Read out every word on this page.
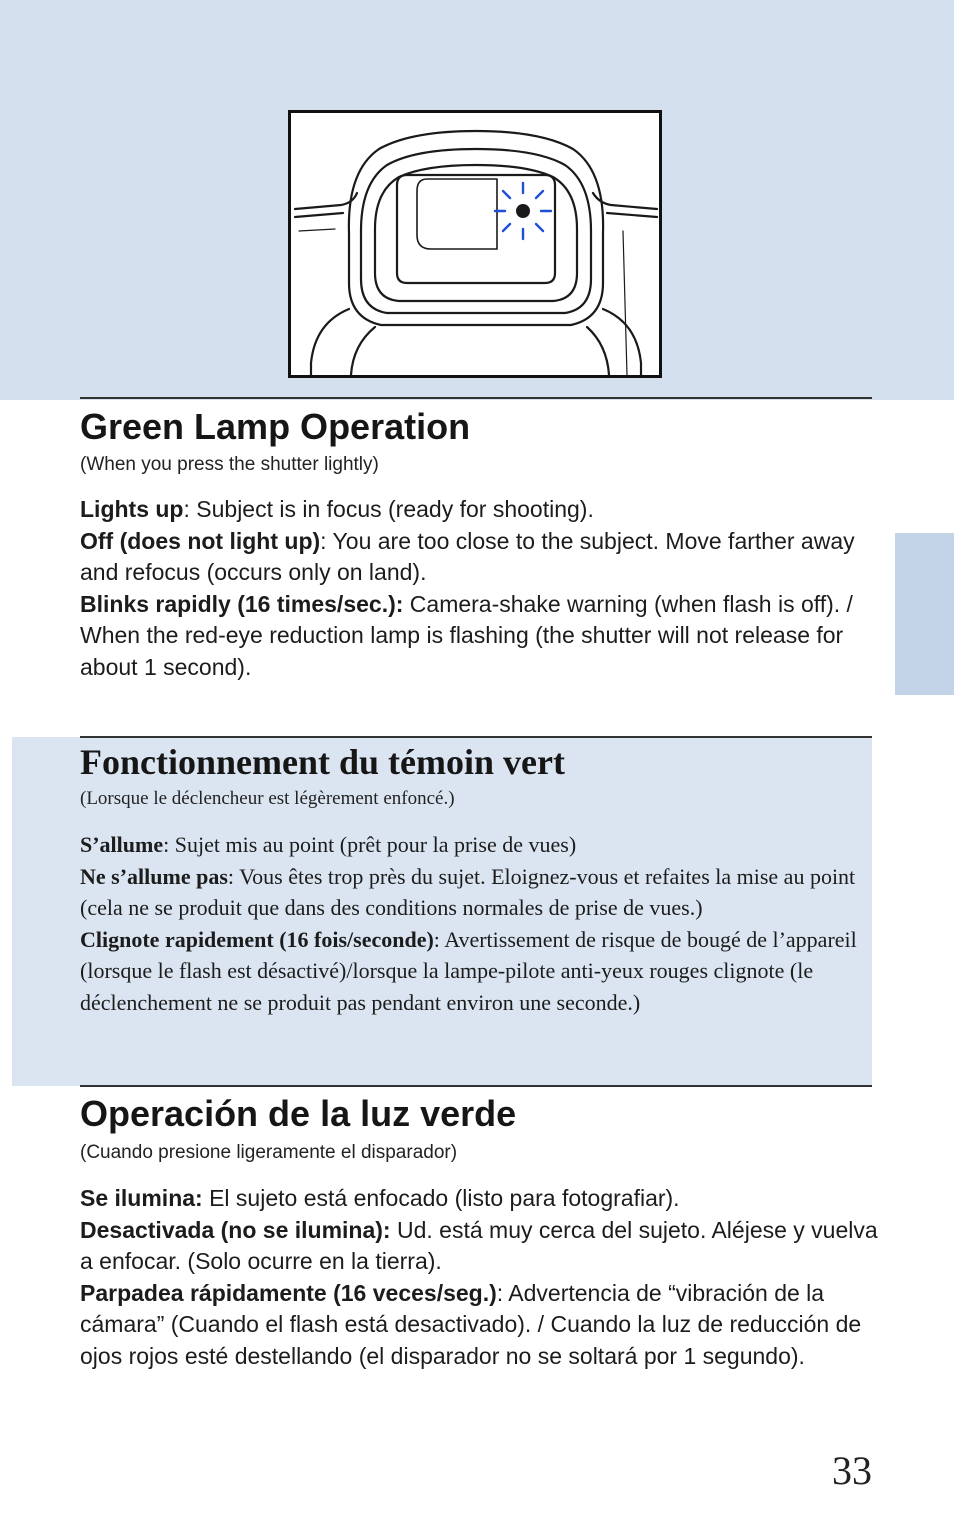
Green Lamp Operation
(When you press the shutter lightly)

Lights up: Subject is in focus (ready for shooting).

Off (does not light up): You are too close to the subject. Move farther away and refocus (occurs only on land).

Blinks rapidly (16 times/sec.): Camera-shake warning (when flash is off). / When the red-eye reduction lamp is flashing (the shutter will not release for about 1 second).

Fonctionnement du témoin vert
(Lorsque le déclencheur est légèrement enfoncé.)

S’allume: Sujet mis au point (prêt pour la prise de vues)

Ne s’allume pas: Vous êtes trop près du sujet. Eloignez-vous et refaites la mise au point (cela ne se produit que dans des conditions normales de prise de vues.)

Clignote rapidement (16 fois/seconde): Avertissement de risque de bougé de l’appareil (lorsque le flash est désactivé)/lorsque la lampe-pilote anti-yeux rouges clignote (le déclenchement ne se produit pas pendant environ une seconde.)

Operación de la luz verde
(Cuando presione ligeramente el disparador)

Se ilumina: El sujeto está enfocado (listo para fotografiar).

Desactivada (no se ilumina): Ud. está muy cerca del sujeto. Aléjese y vuelva a enfocar. (Solo ocurre en la tierra).

Parpadea rápidamente (16 veces/seg.): Advertencia de “vibración de la cámara” (Cuando el flash está desactivado). / Cuando la luz de reducción de ojos rojos esté destellando (el disparador no se soltará por 1 segundo).

33
